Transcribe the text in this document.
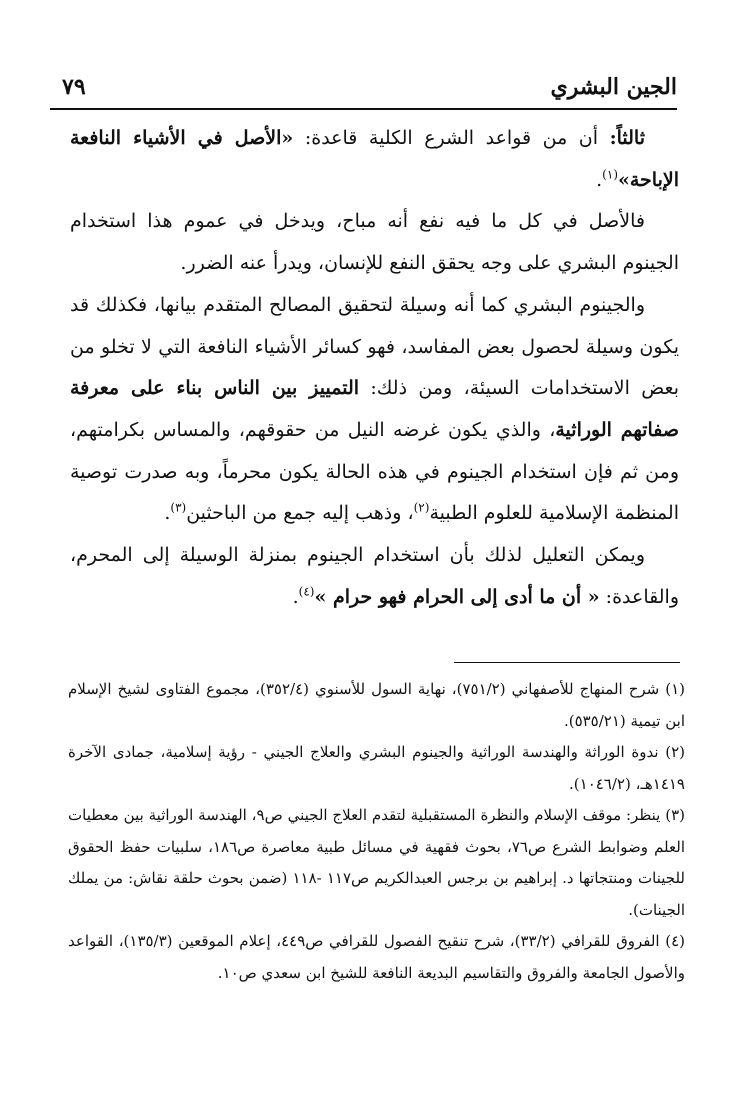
الجين البشري
٧٩

ثالثاً: أن من قواعد الشرع الكلية قاعدة: «الأصل في الأشياء النافعة الإباحة»$^{(١)}$.

فالأصل في كل ما فيه نفع أنه مباح، ويدخل في عموم هذا استخدام الجينوم البشري على وجه يحقق النفع للإنسان، ويدرأ عنه الضرر.

والجينوم البشري كما أنه وسيلة لتحقيق المصالح المتقدم بيانها، فكذلك قد يكون وسيلة لحصول بعض المفاسد، فهو كسائر الأشياء النافعة التي لا تخلو من بعض الاستخدامات السيئة، ومن ذلك: التمييز بين الناس بناء على معرفة صفاتهم الوراثية، والذي يكون غرضه النيل من حقوقهم، والمساس بكرامتهم، ومن ثم فإن استخدام الجينوم في هذه الحالة يكون محرماً، وبه صدرت توصية المنظمة الإسلامية للعلوم الطبية$^{(٢)}$، وذهب إليه جمع من الباحثين$^{(٣)}$.

ويمكن التعليل لذلك بأن استخدام الجينوم بمنزلة الوسيلة إلى المحرم، والقاعدة: « أن ما أدى إلى الحرام فهو حرام »$^{(٤)}$.

(١) شرح المنهاج للأصفهاني (٧٥١/٢)، نهاية السول للأسنوي (٣٥٢/٤)، مجموع الفتاوى لشيخ الإسلام ابن تيمية (٥٣٥/٢١).

(٢) ندوة الوراثة والهندسة الوراثية والجينوم البشري والعلاج الجيني - رؤية إسلامية، جمادى الآخرة ١٤١٩هـ، (١٠٤٦/٢).

(٣) ينظر: موقف الإسلام والنظرة المستقبلية لتقدم العلاج الجيني ص٩، الهندسة الوراثية بين معطيات العلم وضوابط الشرع ص٧٦، بحوث فقهية في مسائل طبية معاصرة ص١٨٦، سلبيات حفظ الحقوق للجينات ومنتجاتها د. إبراهيم بن برجس العبدالكريم ص١١٧ -١١٨ (ضمن بحوث حلقة نقاش: من يملك الجينات).

(٤) الفروق للقرافي (٣٣/٢)، شرح تنقيح الفصول للقرافي ص٤٤٩، إعلام الموقعين (١٣٥/٣)، القواعد والأصول الجامعة والفروق والتقاسيم البديعة النافعة للشيخ ابن سعدي ص١٠.
